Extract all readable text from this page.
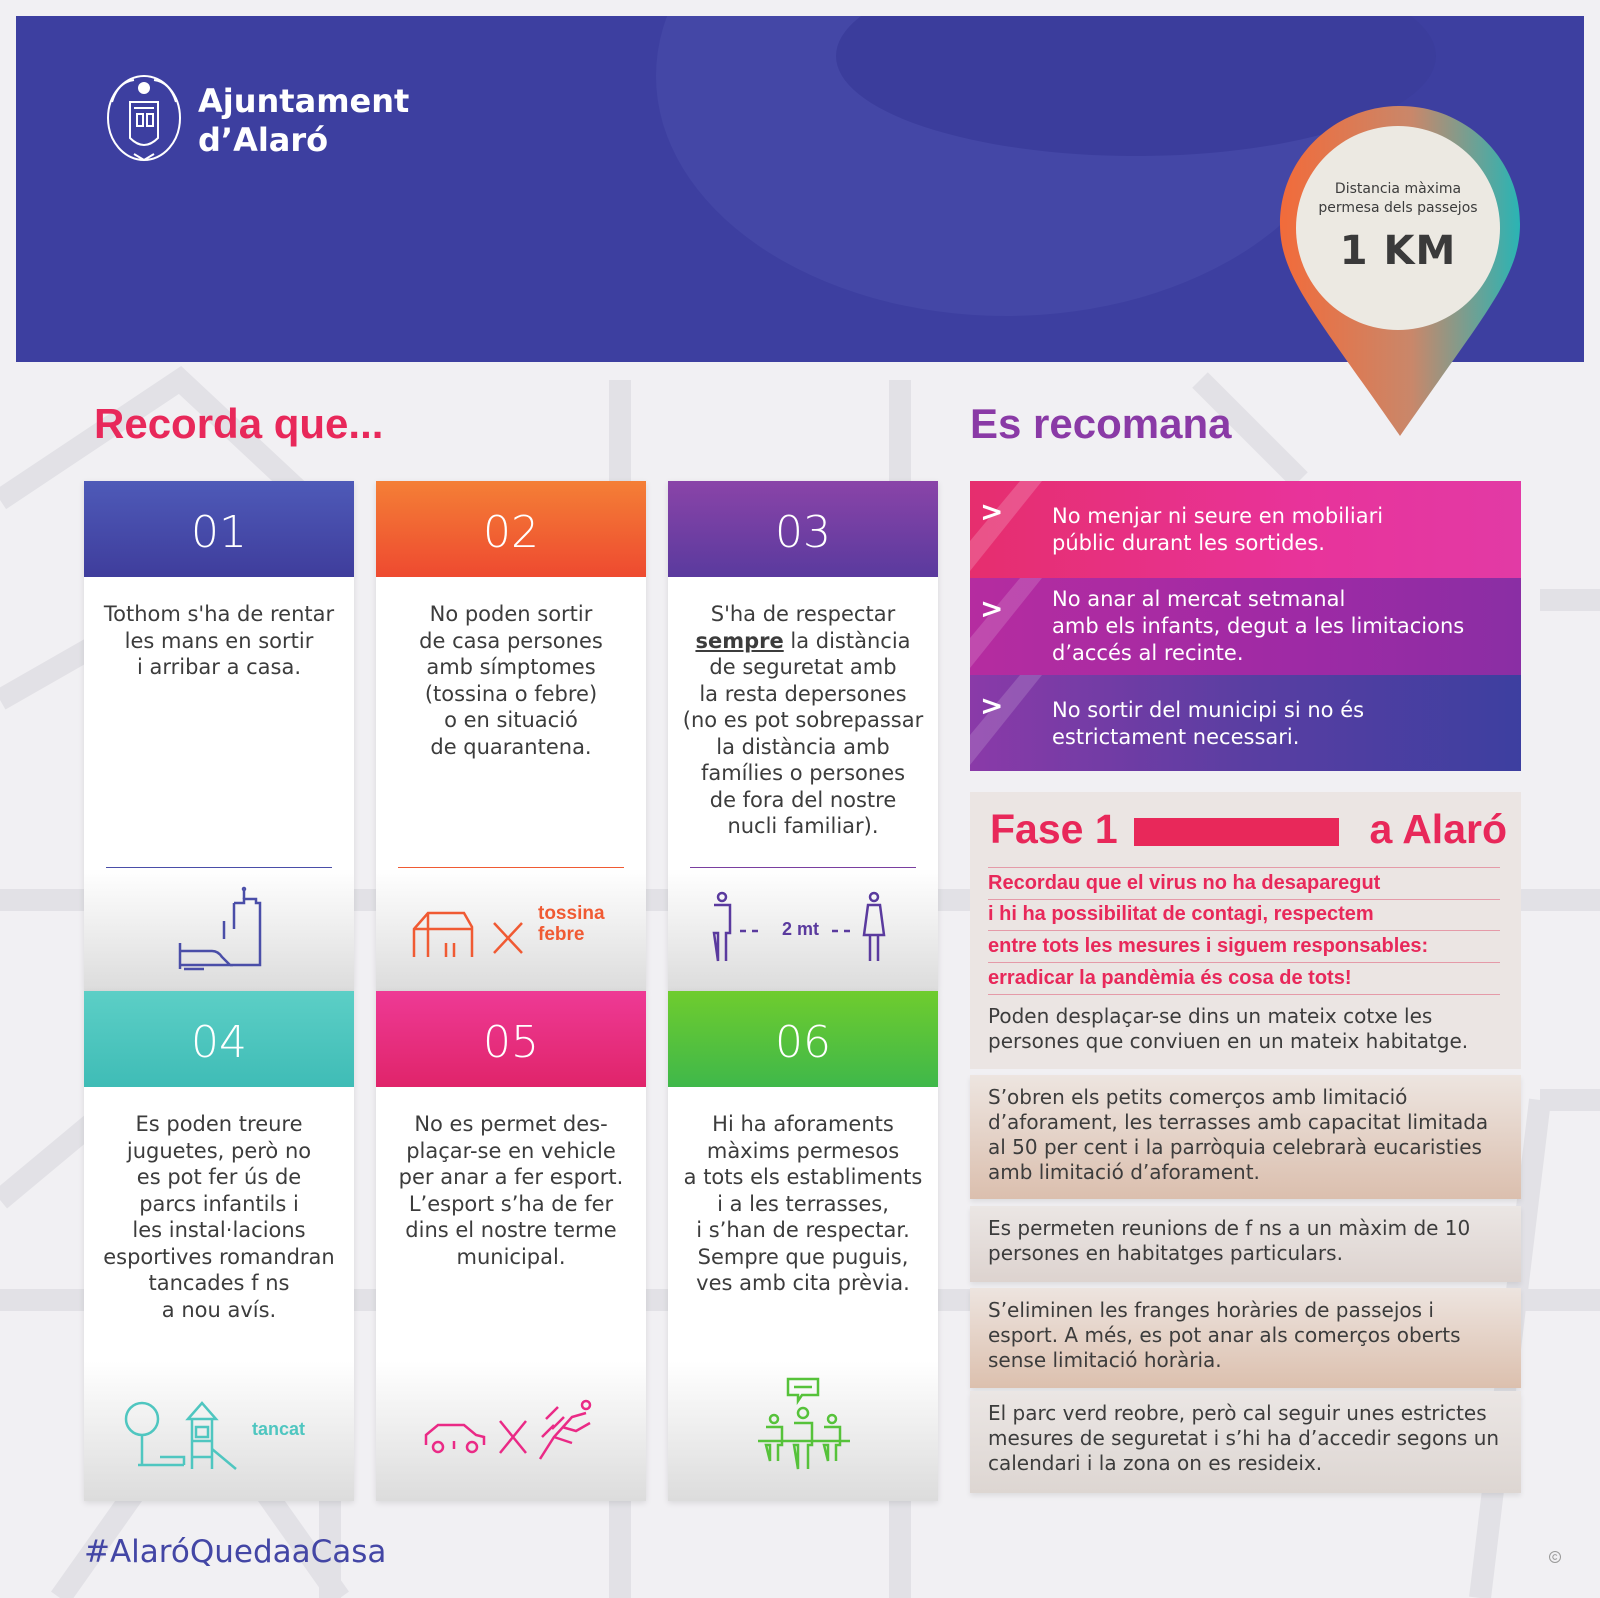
Ajuntament
d’Alaró
Distancia màxima
permesa dels passejos
1 KM
Recorda que...	Es recomana
01
Tothom s'ha de rentar
les mans en sortir
i arribar a casa.
02
No poden sortir
de casa persones
amb símptomes
(tossina o febre)
o en situació
de quarantena.
tossina
febre
03
S'ha de respectar
sempre la distància
de seguretat amb
la resta depersones
(no es pot sobrepassar
la distància amb
famílies o persones
de fora del nostre
nucli familiar).
2 mt
04
Es poden treure
juguetes, però no
es pot fer ús de
parcs infantils i
les instal·lacions
esportives romandran
tancades f ns
a nou avís.
tancat
05
No es permet des-
plaçar-se en vehicle
per anar a fer esport.
L’esport s’ha de fer
dins el nostre terme
municipal.
06
Hi ha aforaments
màxims permesos
a tots els establiments
i a les terrasses,
i s’han de respectar.
Sempre que puguis,
ves amb cita prèvia.
> No menjar ni seure en mobiliari
públic durant les sortides.
> No anar al mercat setmanal
amb els infants, degut a les limitacions
d’accés al recinte.
> No sortir del municipi si no és
estrictament necessari.
Fase 1	a Alaró
Recordau que el virus no ha desaparegut
i hi ha possibilitat de contagi, respectem
entre tots les mesures i siguem responsables:
erradicar la pandèmia és cosa de tots!
Poden desplaçar-se dins un mateix cotxe les
persones que conviuen en un mateix habitatge.
S’obren els petits comerços amb limitació
d’aforament, les terrasses amb capacitat limitada
al 50 per cent i la parròquia celebrarà eucaristies
amb limitació d’aforament.
Es permeten reunions de f ns a un màxim de 10
persones en habitatges particulars.
S’eliminen les franges horàries de passejos i
esport. A més, es pot anar als comerços oberts
sense limitació horària.
El parc verd reobre, però cal seguir unes estrictes
mesures de seguretat i s’hi ha d’accedir segons un
calendari i la zona on es resideix.
#AlaróQuedaaCasa
